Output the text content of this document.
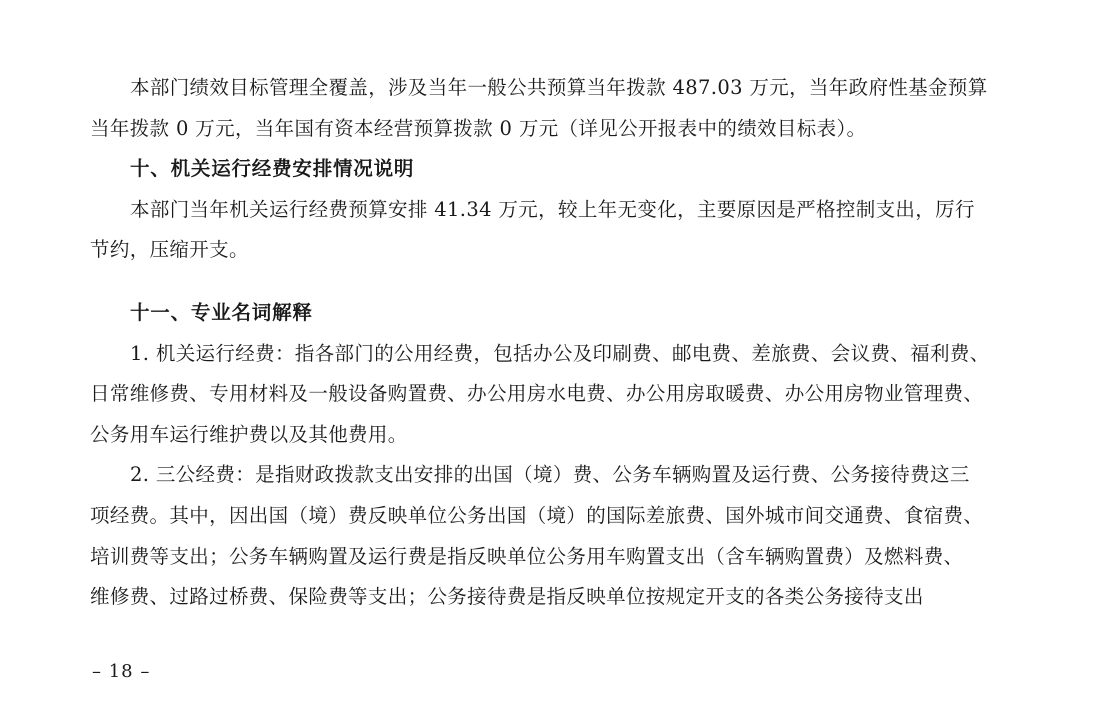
本部门绩效目标管理全覆盖，涉及当年一般公共预算当年拨款 487.03 万元，当年政府性基金预算
当年拨款 0 万元，当年国有资本经营预算拨款 0 万元（详见公开报表中的绩效目标表）。
十、机关运行经费安排情况说明
本部门当年机关运行经费预算安排 41.34 万元，较上年无变化，主要原因是严格控制支出，厉行
节约，压缩开支。
十一、专业名词解释
1. 机关运行经费：指各部门的公用经费，包括办公及印刷费、邮电费、差旅费、会议费、福利费、
日常维修费、专用材料及一般设备购置费、办公用房水电费、办公用房取暖费、办公用房物业管理费、
公务用车运行维护费以及其他费用。
2. 三公经费：是指财政拨款支出安排的出国（境）费、公务车辆购置及运行费、公务接待费这三
项经费。其中，因出国（境）费反映单位公务出国（境）的国际差旅费、国外城市间交通费、食宿费、
培训费等支出；公务车辆购置及运行费是指反映单位公务用车购置支出（含车辆购置费）及燃料费、
维修费、过路过桥费、保险费等支出；公务接待费是指反映单位按规定开支的各类公务接待支出
– 18 –
